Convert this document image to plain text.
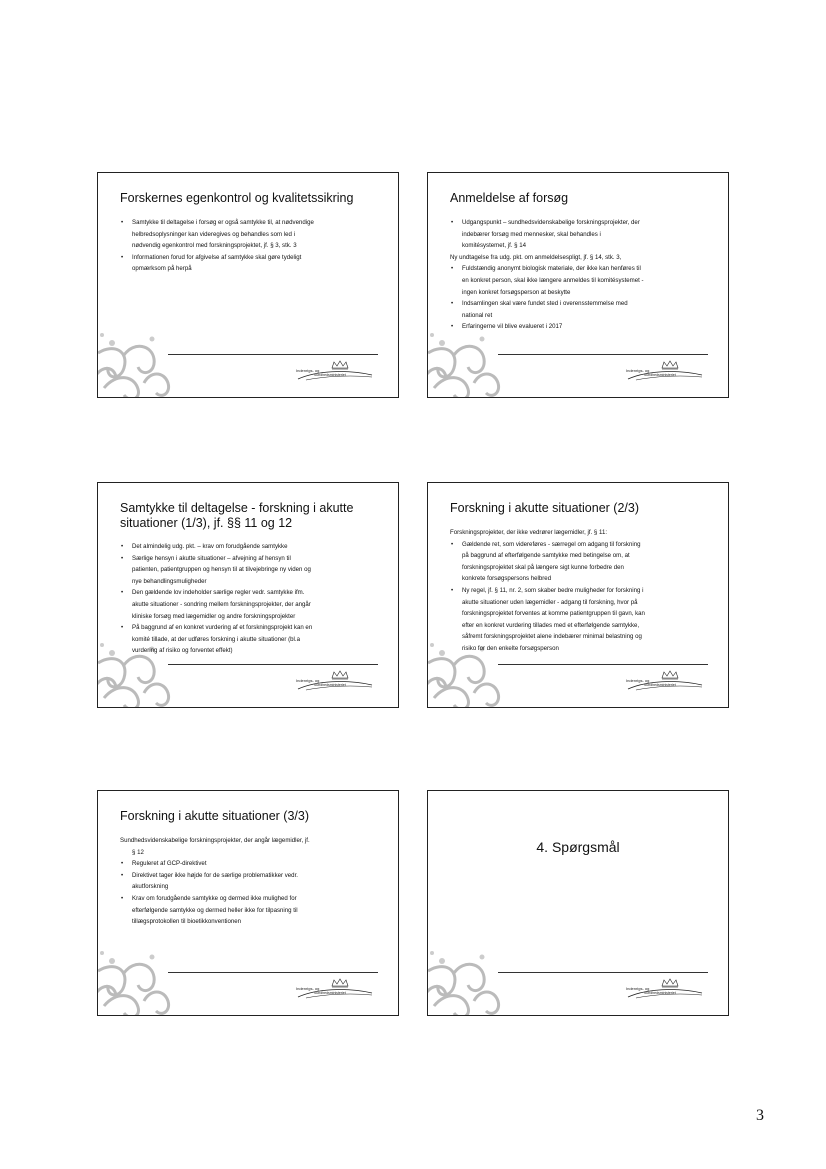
Forskernes egenkontrol og kvalitetssikring
• Samtykke til deltagelse i forsøg er også samtykke til, at nødvendige
helbredsoplysninger kan videregives og behandles som led i
nødvendig egenkontrol med forskningsprojektet, jf. § 3, stk. 3
• Informationen forud for afgivelse af samtykke skal gøre tydeligt
opmærksom på herpå
Indenrigs- og
Sundhedsministeriet
Anmeldelse af forsøg
• Udgangspunkt – sundhedsvidenskabelige forskningsprojekter, der
indebærer forsøg med mennesker, skal behandles i
komitésystemet, jf. § 14
Ny undtagelse fra udg. pkt. om anmeldelsespligt, jf. § 14, stk. 3,
• Fuldstændig anonymt biologisk materiale, der ikke kan henføres til
en konkret person, skal ikke længere anmeldes til komitésystemet -
ingen konkret forsøgsperson at beskytte
• Indsamlingen skal være fundet sted i overensstemmelse med
national ret
• Erfaringerne vil blive evalueret i 2017
Indenrigs- og
Sundhedsministeriet
Samtykke til deltagelse - forskning i akutte situationer (1/3), jf. §§ 11 og 12
• Det almindelig udg. pkt. – krav om forudgående samtykke
• Særlige hensyn i akutte situationer – afvejning af hensyn til
patienten, patientgruppen og hensyn til at tilvejebringe ny viden og
nye behandlingsmuligheder
• Den gældende lov indeholder særlige regler vedr. samtykke ifm.
akutte situationer - sondring mellem forskningsprojekter, der angår
kliniske forsøg med lægemidler og andre forskningsprojekter
• På baggrund af en konkret vurdering af et forskningsprojekt kan en
komité tillade, at der udføres forskning i akutte situationer (bl.a
vurdering af risiko og forventet effekt)
Indenrigs- og
Sundhedsministeriet
Forskning i akutte situationer (2/3)
Forskningsprojekter, der ikke vedrører lægemidler, jf. § 11:
• Gældende ret, som videreføres - særregel om adgang til forskning
på baggrund af efterfølgende samtykke med betingelse om, at
forskningsprojektet skal på længere sigt kunne forbedre den
konkrete forsøgspersons helbred
• Ny regel, jf. § 11, nr. 2, som skaber bedre muligheder for forskning i
akutte situationer uden lægemidler - adgang til forskning, hvor på
forskningsprojektet forventes at komme patientgruppen til gavn, kan
efter en konkret vurdering tillades med et efterfølgende samtykke,
såfremt forskningsprojektet alene indebærer minimal belastning og
risiko for den enkelte forsøgsperson
Indenrigs- og
Sundhedsministeriet
Forskning i akutte situationer (3/3)
Sundhedsvidenskabelige forskningsprojekter, der angår lægemidler, jf.
§ 12
• Reguleret af GCP-direktivet
• Direktivet tager ikke højde for de særlige problematikker vedr.
akutforskning
• Krav om forudgående samtykke og dermed ikke mulighed for
efterfølgende samtykke og dermed heller ikke for tilpasning til
tillægsprotokollen til bioetikkonventionen
Indenrigs- og
Sundhedsministeriet
4. Spørgsmål
Indenrigs- og
Sundhedsministeriet
3
